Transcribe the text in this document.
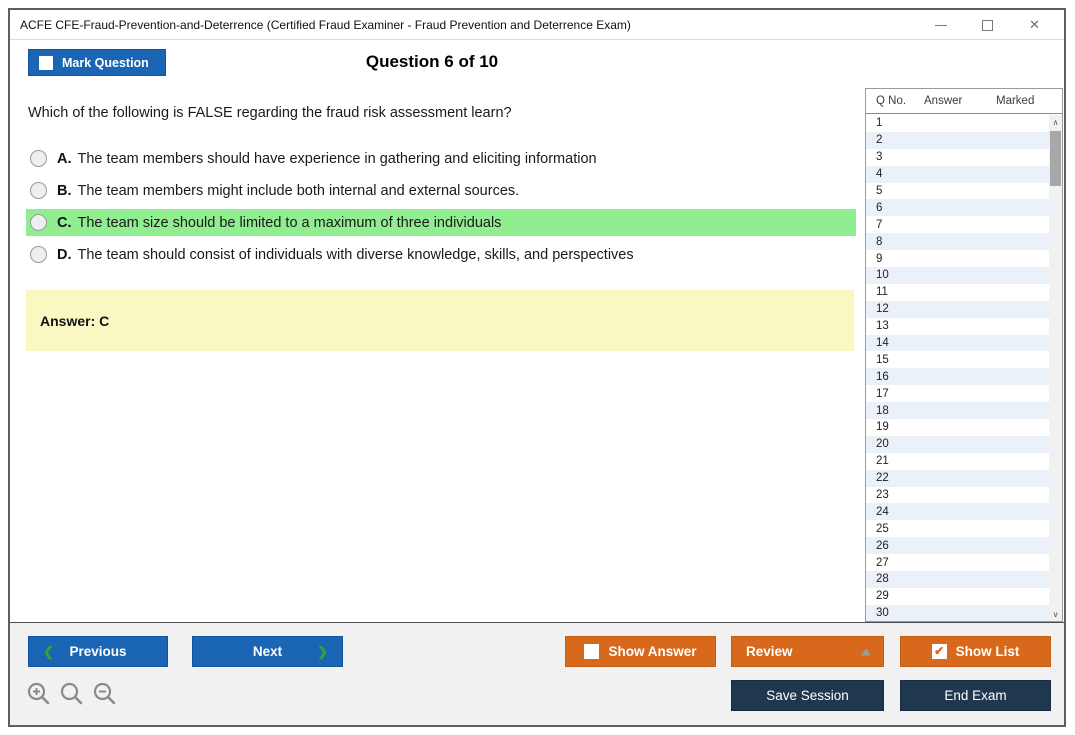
ACFE CFE-Fraud-Prevention-and-Deterrence (Certified Fraud Examiner - Fraud Prevention and Deterrence Exam)	✕
Mark Question	Question 6 of 10
Which of the following is FALSE regarding the fraud risk assessment learn?
A. The team members should have experience in gathering and eliciting information
B. The team members might include both internal and external sources.
C. The team size should be limited to a maximum of three individuals
D. The team should consist of individuals with diverse knowledge, skills, and perspectives
Answer: C
Q No.	Answer	Marked
1
2
3
4
5
6
7
8
9
10
11
12
13
14
15
16
17
18
19
20
21
22
23
24
25
26
27
28
29
30
∧
∨
❮ Previous	Next	❯	Show Answer	Review	✔ Show List
Save Session	End Exam
